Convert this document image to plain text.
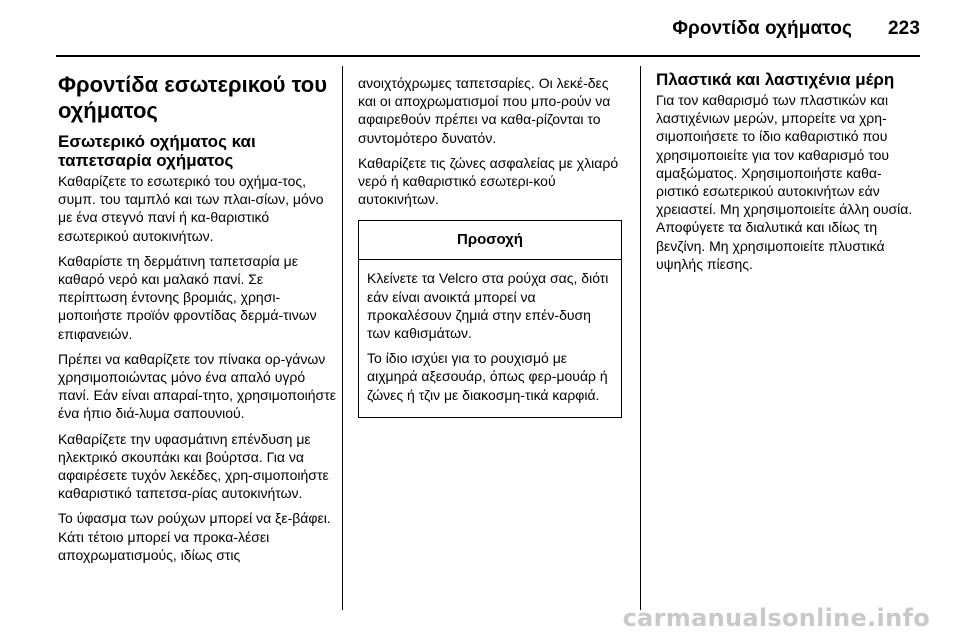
Φροντίδα οχήματος 223
Φροντίδα εσωτερικού του οχήματος
Εσωτερικό οχήματος και ταπετσαρία οχήματος

Καθαρίζετε το εσωτερικό του οχήμα-τος, συμπ. του ταμπλό και των πλαι-σίων, μόνο με ένα στεγνό πανί ή κα-θαριστικό εσωτερικού αυτοκινήτων.

Καθαρίστε τη δερμάτινη ταπετσαρία με καθαρό νερό και μαλακό πανί. Σε περίπτωση έντονης βρομιάς, χρησι-μοποιήστε προϊόν φροντίδας δερμά-τινων επιφανειών.

Πρέπει να καθαρίζετε τον πίνακα ορ-γάνων χρησιμοποιώντας μόνο ένα απαλό υγρό πανί. Εάν είναι απαραί-τητο, χρησιμοποιήστε ένα ήπιο διά-λυμα σαπουνιού.

Καθαρίζετε την υφασμάτινη επένδυση με ηλεκτρικό σκουπάκι και βούρτσα. Για να αφαιρέσετε τυχόν λεκέδες, χρη-σιμοποιήστε καθαριστικό ταπετσα-ρίας αυτοκινήτων.

Το ύφασμα των ρούχων μπορεί να ξε-βάφει. Κάτι τέτοιο μπορεί να προκα-λέσει αποχρωματισμούς, ιδίως στις

ανοιχτόχρωμες ταπετσαρίες. Οι λεκέ-δες και οι αποχρωματισμοί που μπο-ρούν να αφαιρεθούν πρέπει να καθα-ρίζονται το συντομότερο δυνατόν.

Καθαρίζετε τις ζώνες ασφαλείας με χλιαρό νερό ή καθαριστικό εσωτερι-κού αυτοκινήτων.

Προσοχή

Κλείνετε τα Velcro στα ρούχα σας, διότι εάν είναι ανοικτά μπορεί να προκαλέσουν ζημιά στην επέν-δυση των καθισμάτων.

Το ίδιο ισχύει για το ρουχισμό με αιχμηρά αξεσουάρ, όπως φερ-μουάρ ή ζώνες ή τζιν με διακοσμη-τικά καρφιά.

Πλαστικά και λαστιχένια μέρη

Για τον καθαρισμό των πλαστικών και λαστιχένιων μερών, μπορείτε να χρη-σιμοποιήσετε το ίδιο καθαριστικό που χρησιμοποιείτε για τον καθαρισμό του αμαξώματος. Χρησιμοποιήστε καθα-ριστικό εσωτερικού αυτοκινήτων εάν χρειαστεί. Μη χρησιμοποιείτε άλλη ουσία. Αποφύγετε τα διαλυτικά και ιδίως τη βενζίνη. Μη χρησιμοποιείτε πλυστικά υψηλής πίεσης.

carmanualsonline.info
